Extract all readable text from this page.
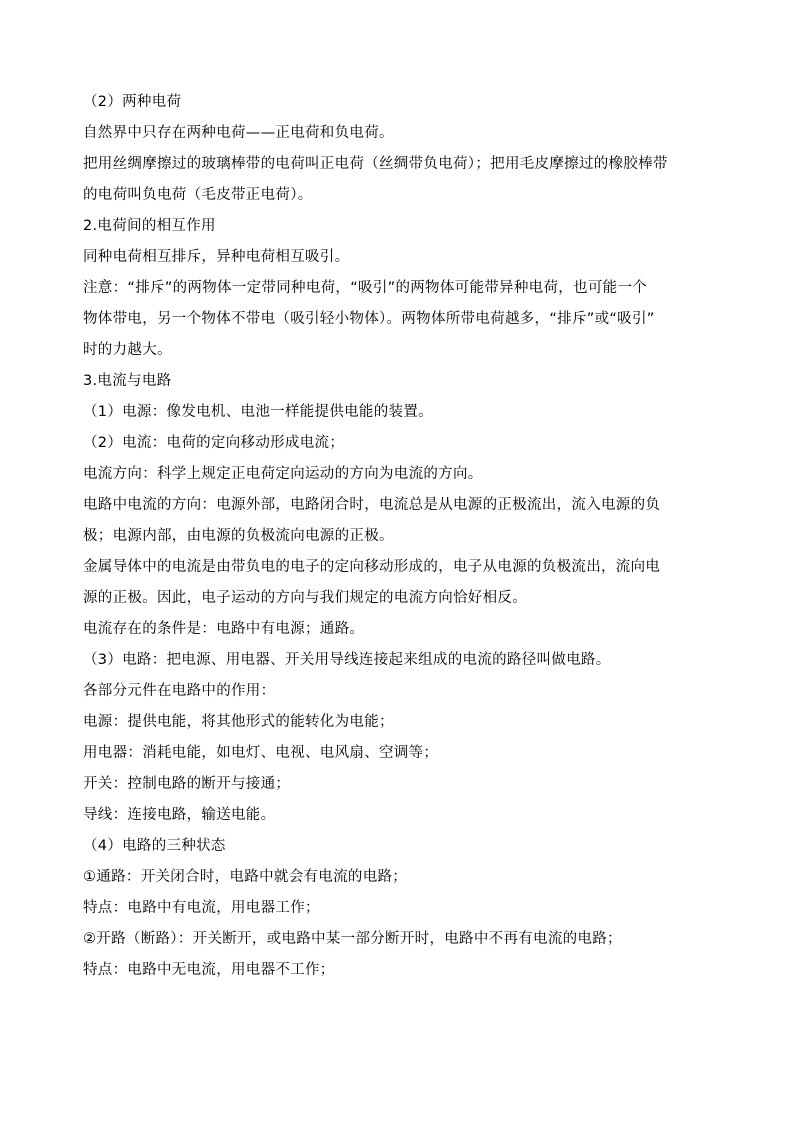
（2）两种电荷
自然界中只存在两种电荷——正电荷和负电荷。
把用丝绸摩擦过的玻璃棒带的电荷叫正电荷（丝绸带负电荷）；把用毛皮摩擦过的橡胶棒带
的电荷叫负电荷（毛皮带正电荷）。
2.电荷间的相互作用
同种电荷相互排斥，异种电荷相互吸引。
注意：“排斥”的两物体一定带同种电荷，“吸引”的两物体可能带异种电荷，也可能一个
物体带电，另一个物体不带电（吸引轻小物体）。两物体所带电荷越多，“排斥”或“吸引”
时的力越大。
3.电流与电路
（1）电源：像发电机、电池一样能提供电能的装置。
（2）电流：电荷的定向移动形成电流；
电流方向：科学上规定正电荷定向运动的方向为电流的方向。
电路中电流的方向：电源外部，电路闭合时，电流总是从电源的正极流出，流入电源的负
极；电源内部，由电源的负极流向电源的正极。
金属导体中的电流是由带负电的电子的定向移动形成的，电子从电源的负极流出，流向电
源的正极。因此，电子运动的方向与我们规定的电流方向恰好相反。
电流存在的条件是：电路中有电源；通路。
（3）电路：把电源、用电器、开关用导线连接起来组成的电流的路径叫做电路。
各部分元件在电路中的作用：
电源：提供电能，将其他形式的能转化为电能；
用电器：消耗电能，如电灯、电视、电风扇、空调等；
开关：控制电路的断开与接通；
导线：连接电路，输送电能。
（4）电路的三种状态
①通路：开关闭合时，电路中就会有电流的电路；
特点：电路中有电流，用电器工作；
②开路（断路）：开关断开，或电路中某一部分断开时，电路中不再有电流的电路；
特点：电路中无电流，用电器不工作；
